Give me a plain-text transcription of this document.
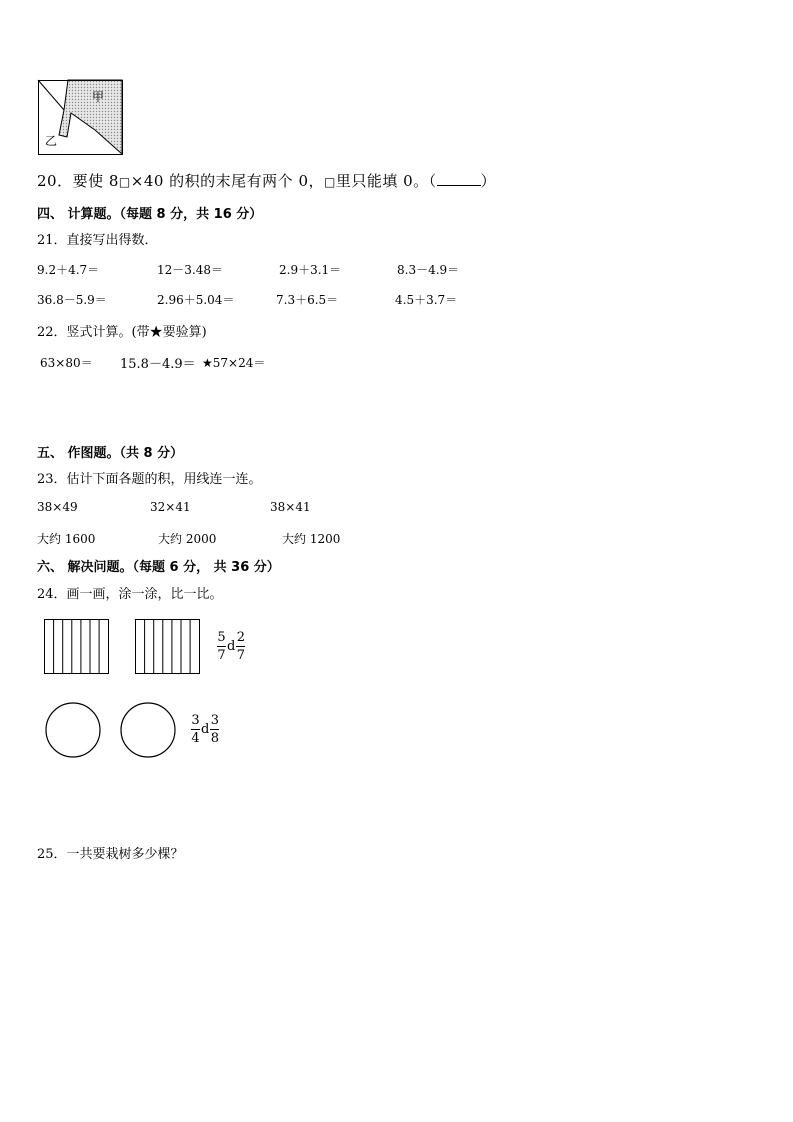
甲
乙
20．要使 8□×40 的积的末尾有两个 0，□里只能填 0。（	）
四、 计算题。（每题 8 分，共 16 分）
21．直接写出得数．
9.2＋4.7＝	12－3.48＝	2.9＋3.1＝	8.3－4.9＝
36.8－5.9＝	2.96＋5.04＝	7.3＋6.5＝	4.5＋3.7＝
22．竖式计算。(带★要验算)
63×80＝ 15.8－4.9＝ ★57×24＝
五、 作图题。（共 8 分）
23．估计下面各题的积，用线连一连。
38×49	32×41	38×41
大约 1600	大约 2000	大约 1200
六、 解决问题。（每题 6 分， 共 36 分）
24．画一画，涂一涂，比一比。
$\frac{5}{7}$ d $\frac{2}{7}$
$\frac{3}{4}$ d $\frac{3}{8}$
25．一共要栽树多少棵？
